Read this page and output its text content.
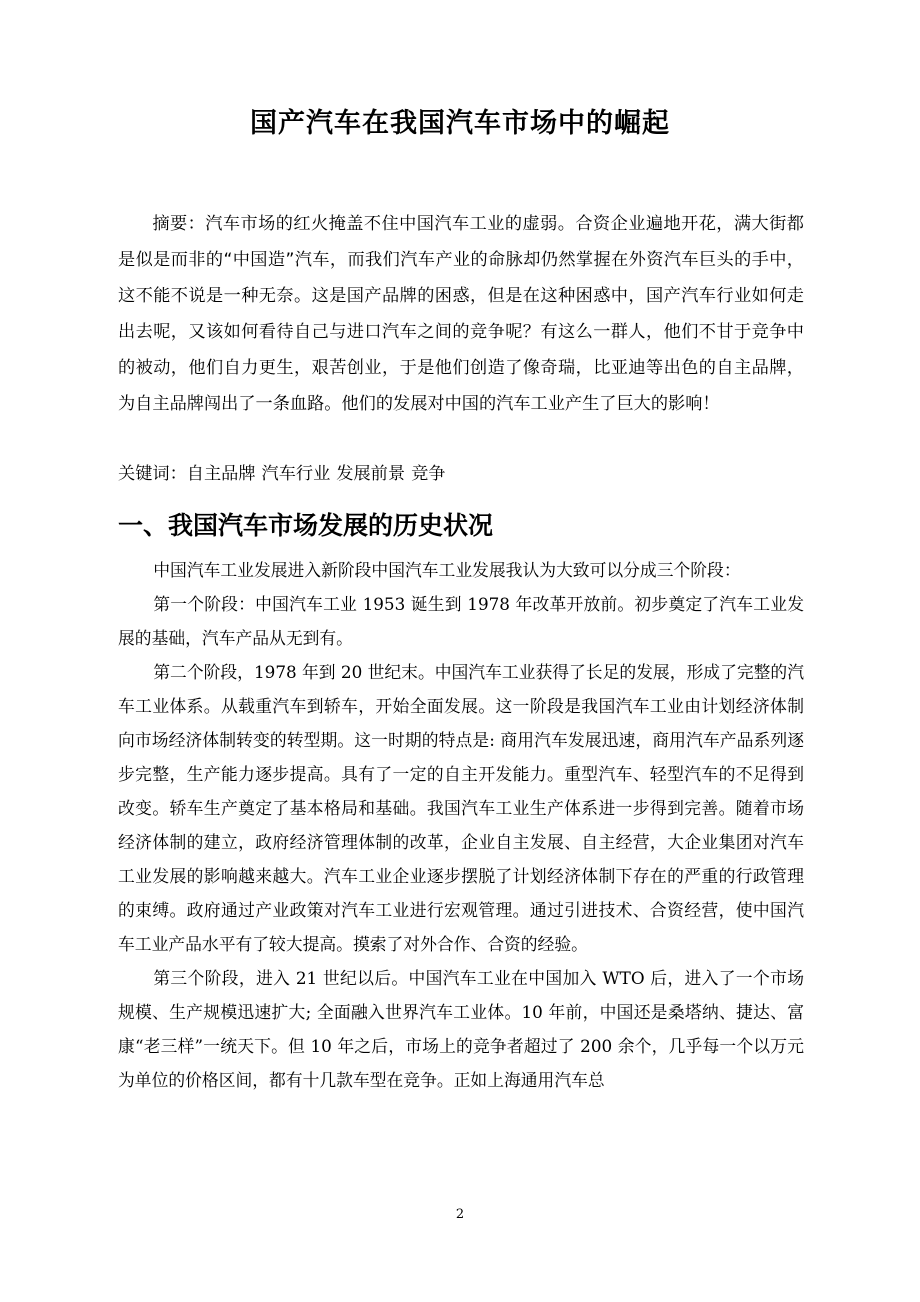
国产汽车在我国汽车市场中的崛起

摘要：汽车市场的红火掩盖不住中国汽车工业的虚弱。合资企业遍地开花，满大街都是似是而非的“中国造”汽车，而我们汽车产业的命脉却仍然掌握在外资汽车巨头的手中，这不能不说是一种无奈。这是国产品牌的困惑，但是在这种困惑中，国产汽车行业如何走出去呢，又该如何看待自己与进口汽车之间的竞争呢？有这么一群人，他们不甘于竞争中的被动，他们自力更生，艰苦创业，于是他们创造了像奇瑞，比亚迪等出色的自主品牌，为自主品牌闯出了一条血路。他们的发展对中国的汽车工业产生了巨大的影响！

关键词：自主品牌 汽车行业 发展前景 竞争
一、我国汽车市场发展的历史状况

中国汽车工业发展进入新阶段中国汽车工业发展我认为大致可以分成三个阶段：

第一个阶段：中国汽车工业 1953 诞生到 1978 年改革开放前。初步奠定了汽车工业发展的基础，汽车产品从无到有。

第二个阶段，1978 年到 20 世纪末。中国汽车工业获得了长足的发展，形成了完整的汽车工业体系。从载重汽车到轿车，开始全面发展。这一阶段是我国汽车工业由计划经济体制向市场经济体制转变的转型期。这一时期的特点是: 商用汽车发展迅速，商用汽车产品系列逐步完整，生产能力逐步提高。具有了一定的自主开发能力。重型汽车、轻型汽车的不足得到改变。轿车生产奠定了基本格局和基础。我国汽车工业生产体系进一步得到完善。随着市场经济体制的建立，政府经济管理体制的改革，企业自主发展、自主经营，大企业集团对汽车工业发展的影响越来越大。汽车工业企业逐步摆脱了计划经济体制下存在的严重的行政管理的束缚。政府通过产业政策对汽车工业进行宏观管理。通过引进技术、合资经营，使中国汽车工业产品水平有了较大提高。摸索了对外合作、合资的经验。

第三个阶段，进入 21 世纪以后。中国汽车工业在中国加入 WTO 后，进入了一个市场规模、生产规模迅速扩大; 全面融入世界汽车工业体。10 年前，中国还是桑塔纳、捷达、富康“老三样”一统天下。但 10 年之后，市场上的竞争者超过了 200 余个，几乎每一个以万元为单位的价格区间，都有十几款车型在竞争。正如上海通用汽车总

2
